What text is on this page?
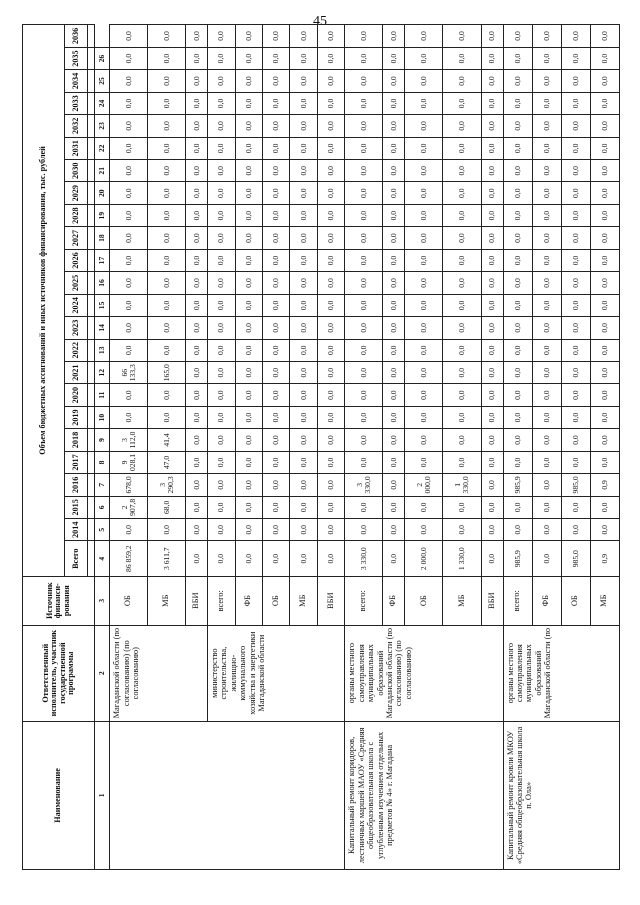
45
Наименование	Ответственный исполнитель, участник государственной программы	Источник финанси-рования	Объем бюджетных ассигнований и иных источников финансирования, тыс. рублей																							
			Всего	2014	2015	2016	2017	2018	2019	2020	2021	2022	2023	2024	2025	2026	2027	2028	2029	2030	2031	2032	2033	2034	2035	2036

1	2	3	4	5	6	7	8	9	10	11	12	13	14	15	16	17	18	19	20	21	22	23	24	25	26	
	Магаданской области (по согласованию) (по согласованию)	ОБ	86 859,2	0,0	2 907,8	678,0	9 028,1	3 112,0	0,0	0,0	66 133,3	0,0	0,0	0,0	0,0	0,0	0,0	0,0	0,0	0,0	0,0	0,0	0,0	0,0	0,0	0,0
		МБ	3 611,7	0,0	68,0	3 290,3	47,0	41,4	0,0	0,0	165,0	0,0	0,0	0,0	0,0	0,0	0,0	0,0	0,0	0,0	0,0	0,0	0,0	0,0	0,0	0,0
		ВБИ	0,0	0,0	0,0	0,0	0,0	0,0	0,0	0,0	0,0	0,0	0,0	0,0	0,0	0,0	0,0	0,0	0,0	0,0	0,0	0,0	0,0	0,0	0,0	0,0
	министерство строительства, жилищно-коммунального хозяйства и энергетики Магаданской области	всего:	0,0	0,0	0,0	0,0	0,0	0,0	0,0	0,0	0,0	0,0	0,0	0,0	0,0	0,0	0,0	0,0	0,0	0,0	0,0	0,0	0,0	0,0	0,0	0,0
		ФБ	0,0	0,0	0,0	0,0	0,0	0,0	0,0	0,0	0,0	0,0	0,0	0,0	0,0	0,0	0,0	0,0	0,0	0,0	0,0	0,0	0,0	0,0	0,0	0,0
		ОБ	0,0	0,0	0,0	0,0	0,0	0,0	0,0	0,0	0,0	0,0	0,0	0,0	0,0	0,0	0,0	0,0	0,0	0,0	0,0	0,0	0,0	0,0	0,0	0,0
		МБ	0,0	0,0	0,0	0,0	0,0	0,0	0,0	0,0	0,0	0,0	0,0	0,0	0,0	0,0	0,0	0,0	0,0	0,0	0,0	0,0	0,0	0,0	0,0	0,0
		ВБИ	0,0	0,0	0,0	0,0	0,0	0,0	0,0	0,0	0,0	0,0	0,0	0,0	0,0	0,0	0,0	0,0	0,0	0,0	0,0	0,0	0,0	0,0	0,0	0,0
Капитальный ремонт коридоров, лестничных маршей МАОУ «Средняя общеобразовательная школа с углубленным изучением отдельных предметов № 4» г. Магадана	органы местного самоуправления муниципальных образований Магаданской области (по согласованию) (по согласованию)	всего:	3 330,0	0,0	0,0	3 330,0	0,0	0,0	0,0	0,0	0,0	0,0	0,0	0,0	0,0	0,0	0,0	0,0	0,0	0,0	0,0	0,0	0,0	0,0	0,0	0,0
		ФБ	0,0	0,0	0,0	0,0	0,0	0,0	0,0	0,0	0,0	0,0	0,0	0,0	0,0	0,0	0,0	0,0	0,0	0,0	0,0	0,0	0,0	0,0	0,0	0,0
		ОБ	2 000,0	0,0	0,0	2 000,0	0,0	0,0	0,0	0,0	0,0	0,0	0,0	0,0	0,0	0,0	0,0	0,0	0,0	0,0	0,0	0,0	0,0	0,0	0,0	0,0
		МБ	1 330,0	0,0	0,0	1 330,0	0,0	0,0	0,0	0,0	0,0	0,0	0,0	0,0	0,0	0,0	0,0	0,0	0,0	0,0	0,0	0,0	0,0	0,0	0,0	0,0
		ВБИ	0,0	0,0	0,0	0,0	0,0	0,0	0,0	0,0	0,0	0,0	0,0	0,0	0,0	0,0	0,0	0,0	0,0	0,0	0,0	0,0	0,0	0,0	0,0	0,0
Капитальный ремонт кровли МКОУ «Средняя общеобразовательная школа п. Ола»	органы местного самоуправления муниципальных образований Магаданской области (по	всего:	985,9	0,0	0,0	985,9	0,0	0,0	0,0	0,0	0,0	0,0	0,0	0,0	0,0	0,0	0,0	0,0	0,0	0,0	0,0	0,0	0,0	0,0	0,0	0,0
		ФБ	0,0	0,0	0,0	0,0	0,0	0,0	0,0	0,0	0,0	0,0	0,0	0,0	0,0	0,0	0,0	0,0	0,0	0,0	0,0	0,0	0,0	0,0	0,0	0,0
		ОБ	985,0	0,0	0,0	985,0	0,0	0,0	0,0	0,0	0,0	0,0	0,0	0,0	0,0	0,0	0,0	0,0	0,0	0,0	0,0	0,0	0,0	0,0	0,0	0,0
		МБ	0,9	0,0	0,0	0,9	0,0	0,0	0,0	0,0	0,0	0,0	0,0	0,0	0,0	0,0	0,0	0,0	0,0	0,0	0,0	0,0	0,0	0,0	0,0	0,0
